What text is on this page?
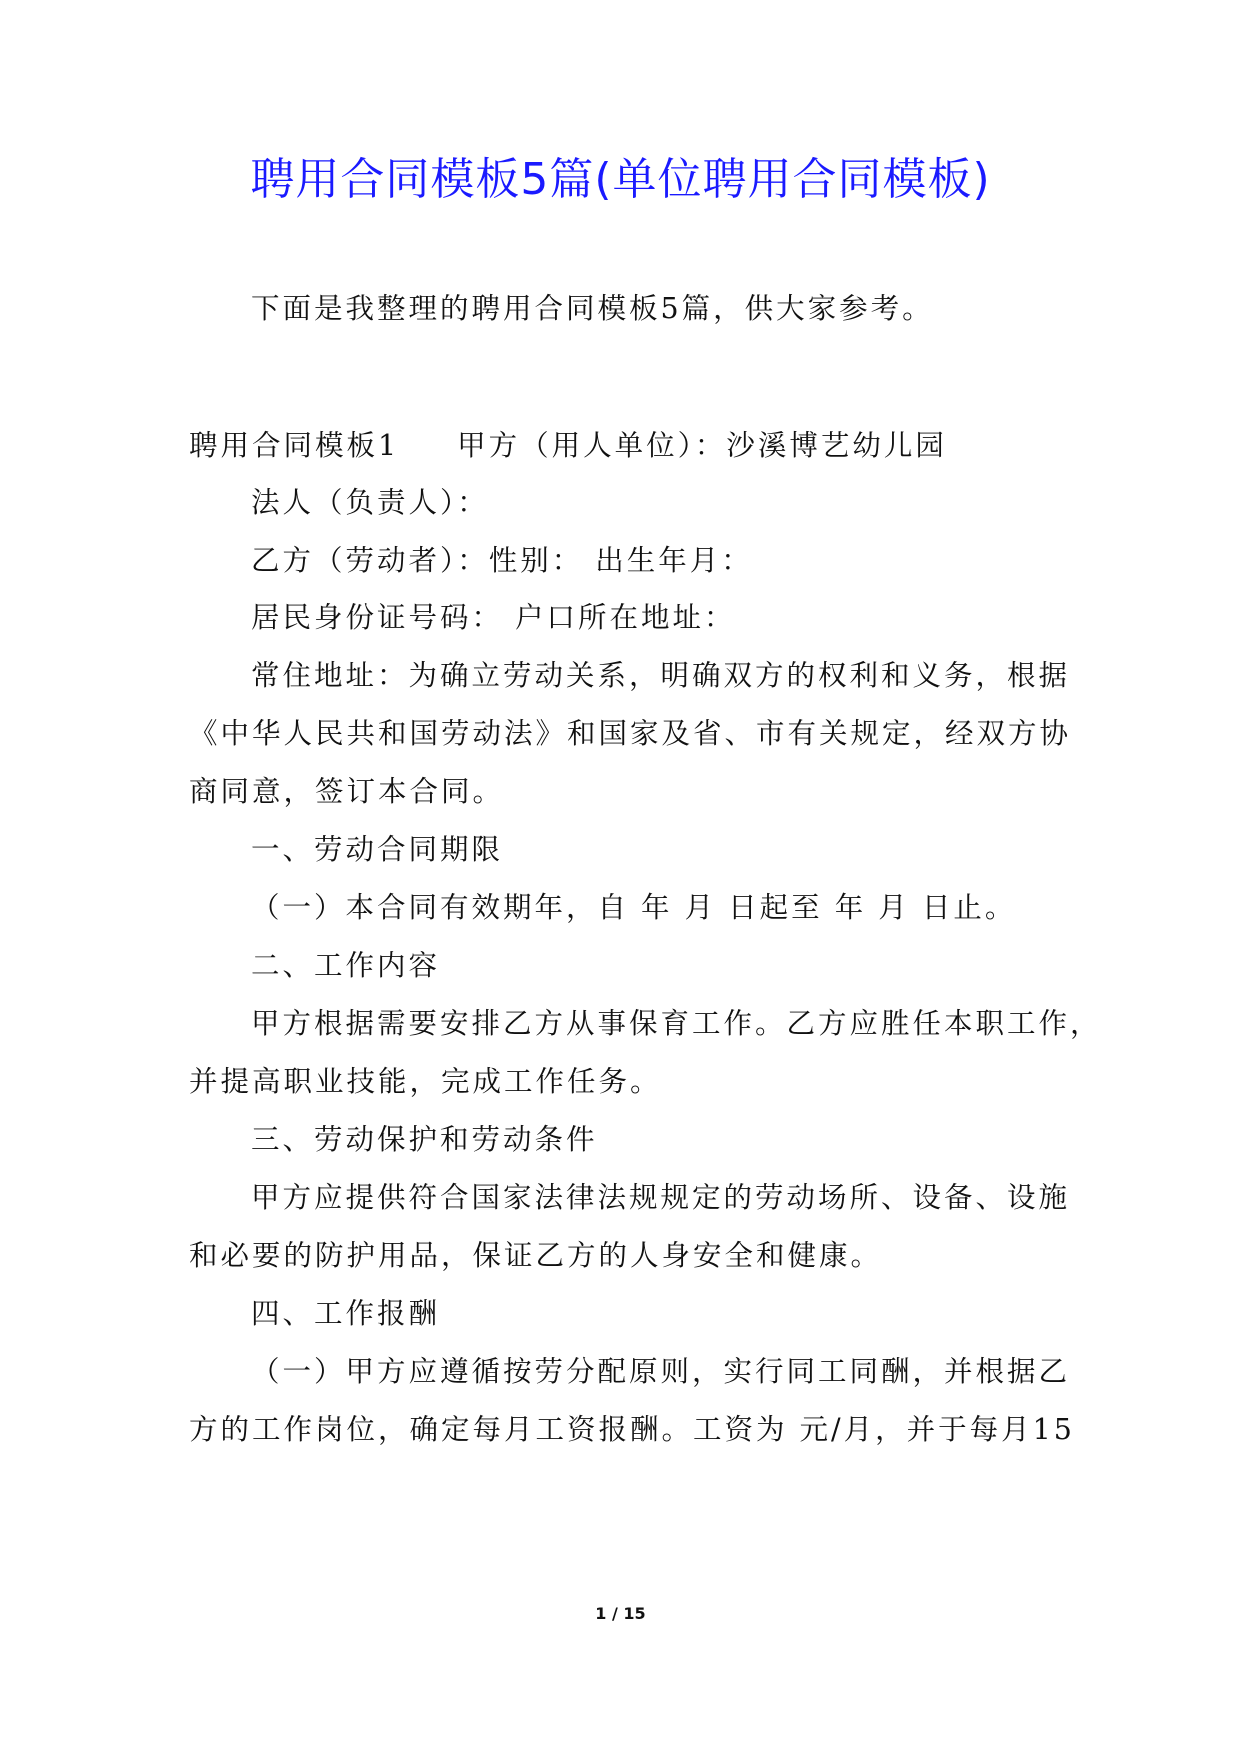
聘用合同模板5篇(单位聘用合同模板)

下面是我整理的聘用合同模板5篇，供大家参考。

聘用合同模板1 甲方（用人单位）：沙溪博艺幼儿园

法人（负责人）：

乙方（劳动者）：性别： 出生年月：

居民身份证号码： 户口所在地址：

常住地址：为确立劳动关系，明确双方的权利和义务，根据

《中华人民共和国劳动法》和国家及省、市有关规定，经双方协

商同意，签订本合同。

一、劳动合同期限

（一）本合同有效期年，自 年 月 日起至 年 月 日止。

二、工作内容

甲方根据需要安排乙方从事保育工作。乙方应胜任本职工作，

并提高职业技能，完成工作任务。

三、劳动保护和劳动条件

甲方应提供符合国家法律法规规定的劳动场所、设备、设施

和必要的防护用品，保证乙方的人身安全和健康。

四、工作报酬

（一）甲方应遵循按劳分配原则，实行同工同酬，并根据乙

方的工作岗位，确定每月工资报酬。工资为 元/月，并于每月15

1 / 15
